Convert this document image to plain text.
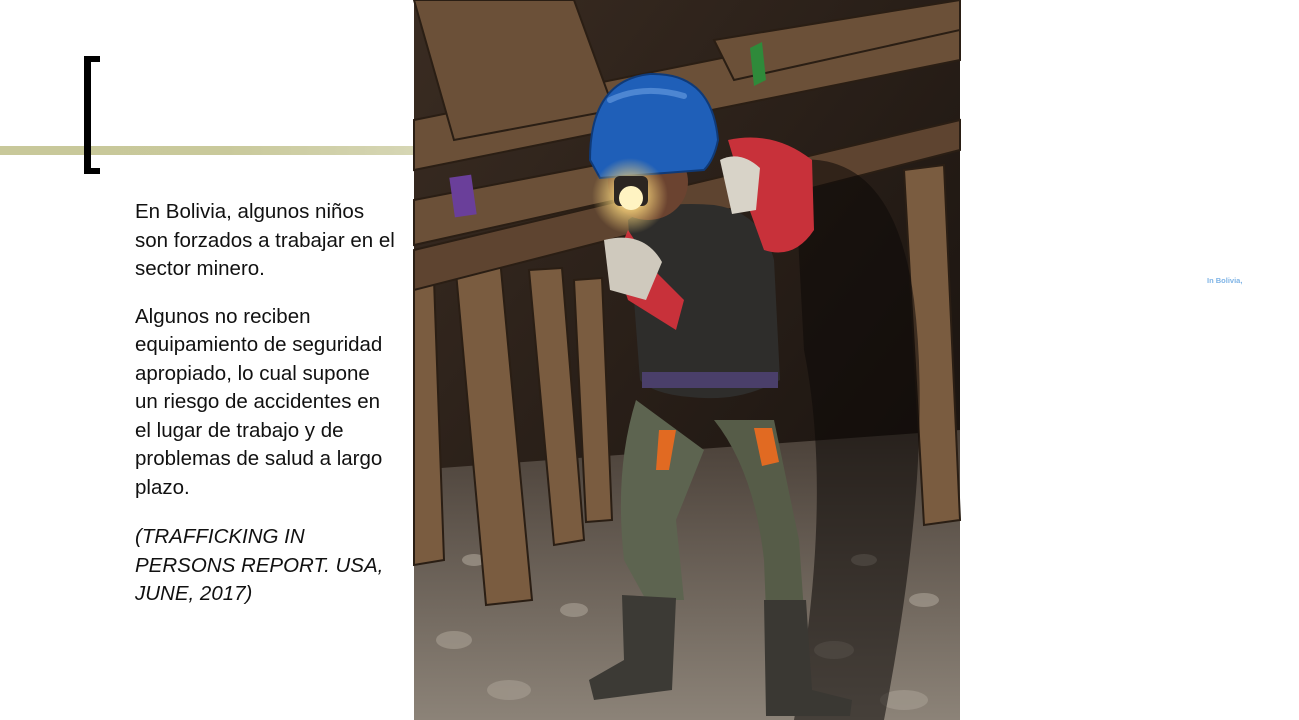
En Bolivia, algunos niños son forzados a trabajar en el sector minero.

Algunos no reciben equipamiento de seguridad apropiado, lo cual supone un riesgo de accidentes en el lugar de trabajo y de problemas de salud a largo plazo.

(TRAFFICKING IN PERSONS REPORT. USA, JUNE, 2017)

In Bolivia, some children are forced to work in the mining sector. Some do not receive proper safety equipment, which puts them at risk for workplace injuries and long-term health problems.
